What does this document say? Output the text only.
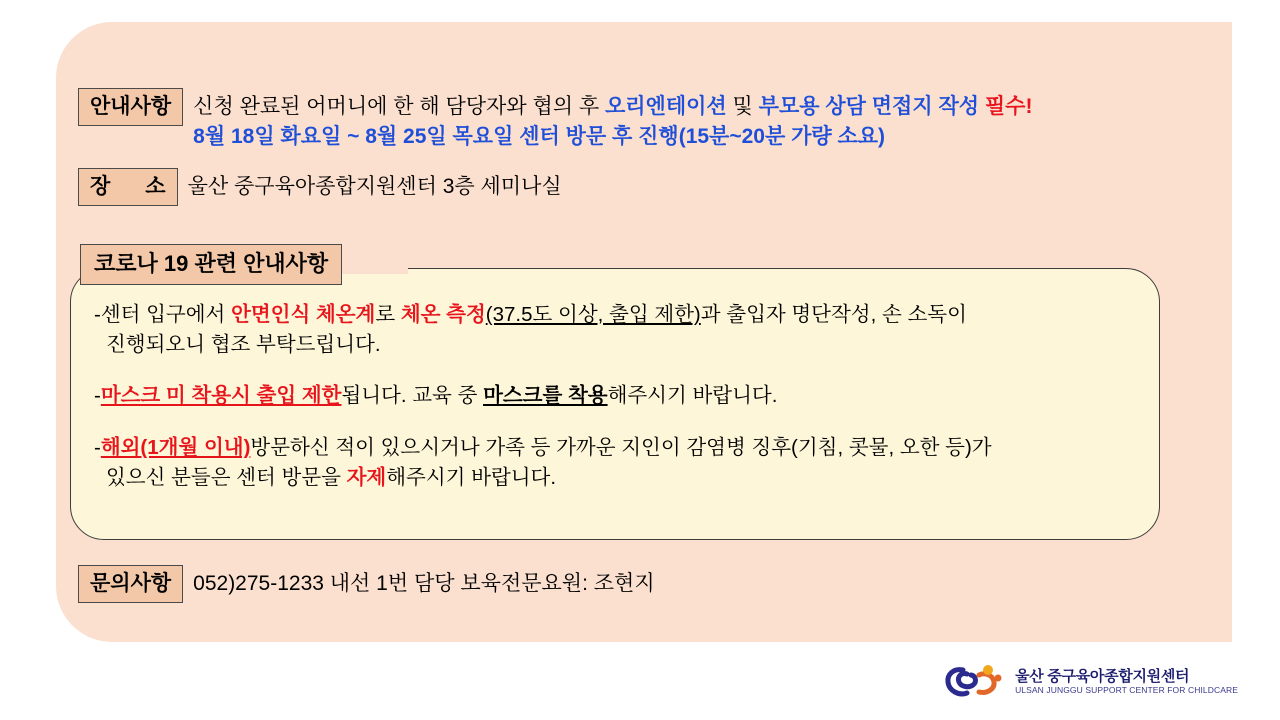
안내사항	신청 완료된 어머니에 한 해 담당자와 협의 후 오리엔테이션 및 부모용 상담 면접지 작성 필수!
8월 18일 화요일 ~ 8월 25일 목요일 센터 방문 후 진행(15분~20분 가량 소요)
장      소	울산 중구육아종합지원센터 3층 세미나실
코로나 19 관련 안내사항

-센터 입구에서 안면인식 체온계로 체온 측정(37.5도 이상, 출입 제한)과 출입자 명단작성, 손 소독이
진행되오니 협조 부탁드립니다.

-마스크 미 착용시 출입 제한됩니다. 교육 중 마스크를 착용해주시기 바랍니다.

-해외(1개월 이내)방문하신 적이 있으시거나 가족 등 가까운 지인이 감염병 징후(기침, 콧물, 오한 등)가
있으신 분들은 센터 방문을 자제해주시기 바랍니다.

문의사항	052)275-1233 내선 1번 담당 보육전문요원: 조현지
울산 중구육아종합지원센터
ULSAN JUNGGU SUPPORT CENTER FOR CHILDCARE
